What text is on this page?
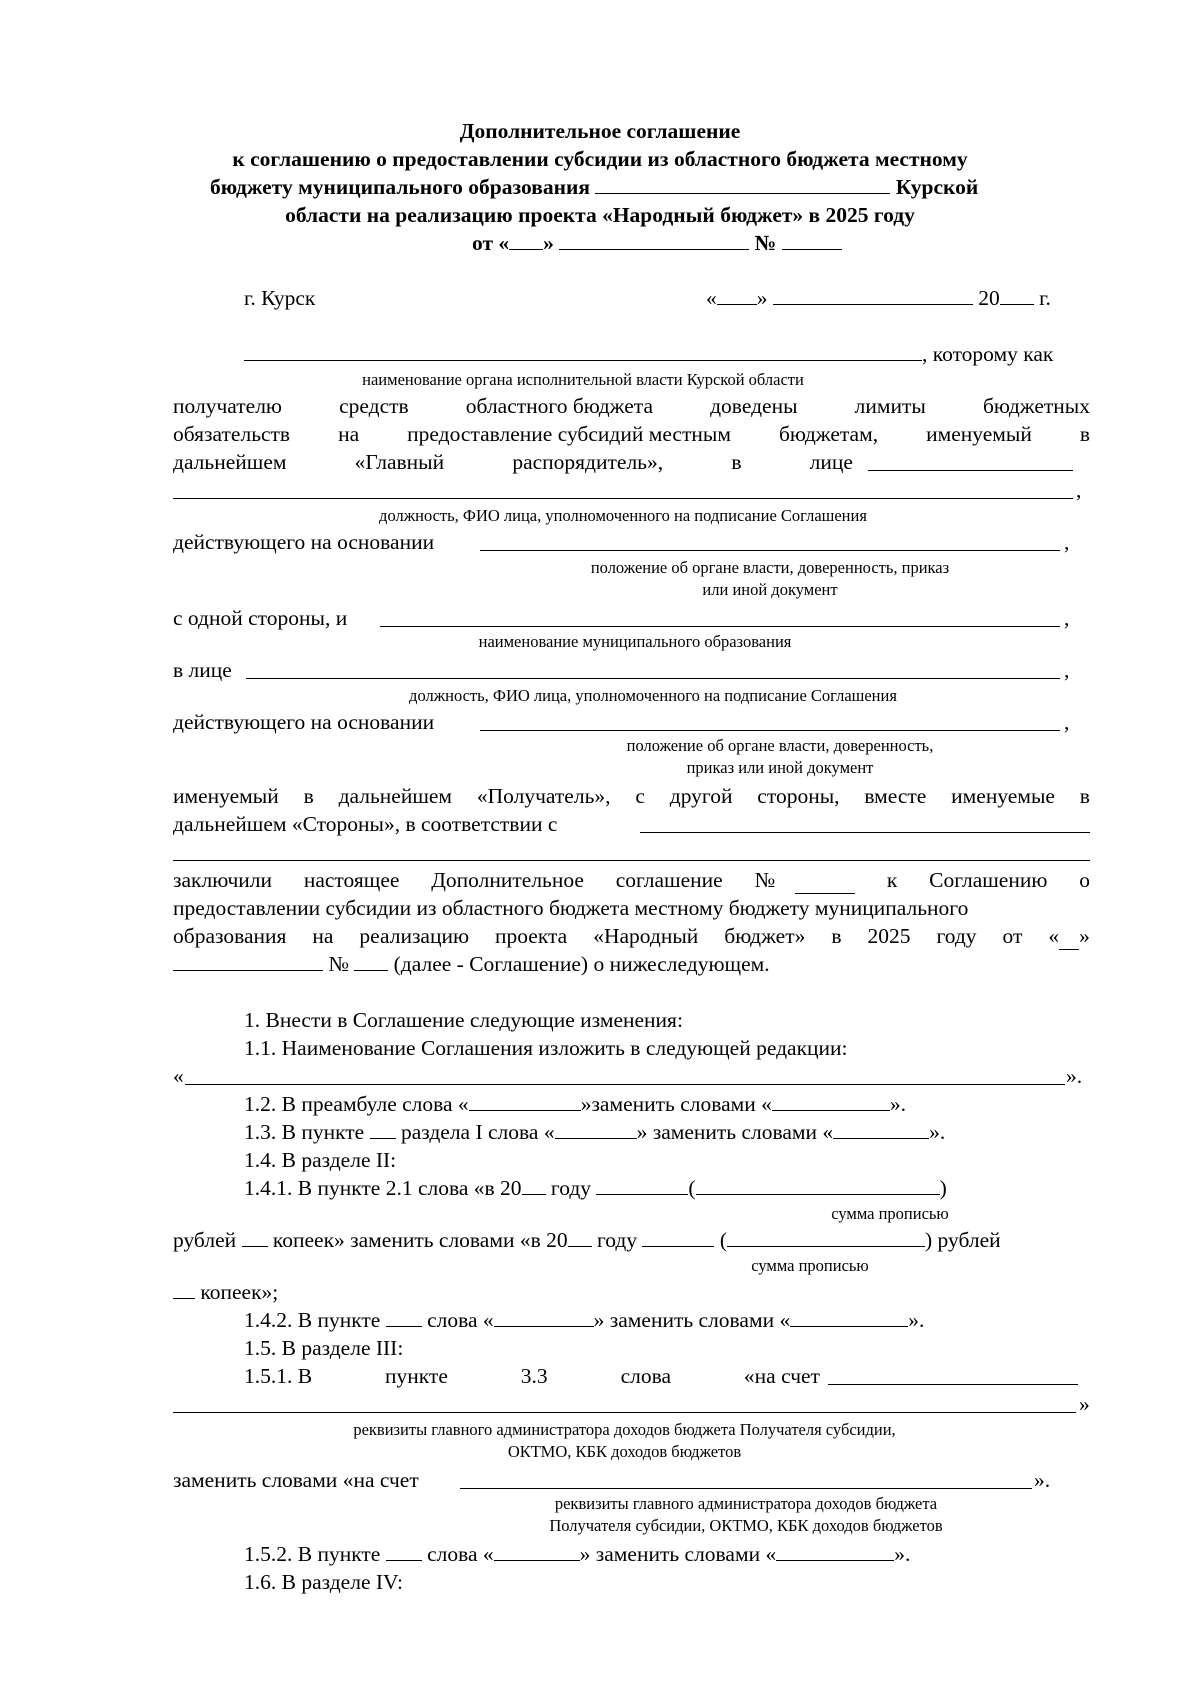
Дополнительное соглашение
к соглашению о предоставлении субсидии из областного бюджета местному
бюджету муниципального образования	Курской
области на реализацию проекта «Народный бюджет» в 2025 году
от « »	№
г. Курск	« »	20 г.
, которому как
наименование органа исполнительной власти Курской области
получателю	средств	областного бюджета	доведены	лимиты	бюджетных
обязательств на предоставление субсидий местным бюджетам, именуемый в
дальнейшем	«Главный	распорядитель»,	в	лице
,
должность, ФИО лица, уполномоченного на подписание Соглашения
действующего на основании	,
положение об органе власти, доверенность, приказ
или иной документ
с одной стороны, и	,
наименование муниципального образования
в лице	,
должность, ФИО лица, уполномоченного на подписание Соглашения
действующего на основании	,
положение об органе власти, доверенность,
приказ или иной документ
именуемый в дальнейшем «Получатель», с другой стороны, вместе именуемые в
дальнейшем «Стороны», в соответствии с
заключили настоящее Дополнительное соглашение №	к Соглашению о
предоставлении субсидии из областного бюджета местному бюджету муниципального
образования на реализацию проекта «Народный бюджет» в 2025 году от « »
№ (далее - Соглашение) о нижеследующем.
1. Внести в Соглашение следующие изменения:
1.1. Наименование Соглашения изложить в следующей редакции:
«	».
1.2. В преамбуле слова «	»заменить словами «	».
1.3. В пункте раздела I слова «	» заменить словами «	».
1.4. В разделе II:
1.4.1. В пункте 2.1 слова «в 20 году	(	)
сумма прописью
рублей копеек» заменить словами «в 20 году	(	) рублей
сумма прописью
копеек»;
1.4.2. В пункте слова «	» заменить словами «	».
1.5. В разделе III:
1.5.1. В	пункте	3.3	слова	«на счет
»
реквизиты главного администратора доходов бюджета Получателя субсидии,
ОКТМО, КБК доходов бюджетов
заменить словами «на счет	».
реквизиты главного администратора доходов бюджета
Получателя субсидии, ОКТМО, КБК доходов бюджетов
1.5.2. В пункте слова «	» заменить словами «	».
1.6. В разделе IV:
